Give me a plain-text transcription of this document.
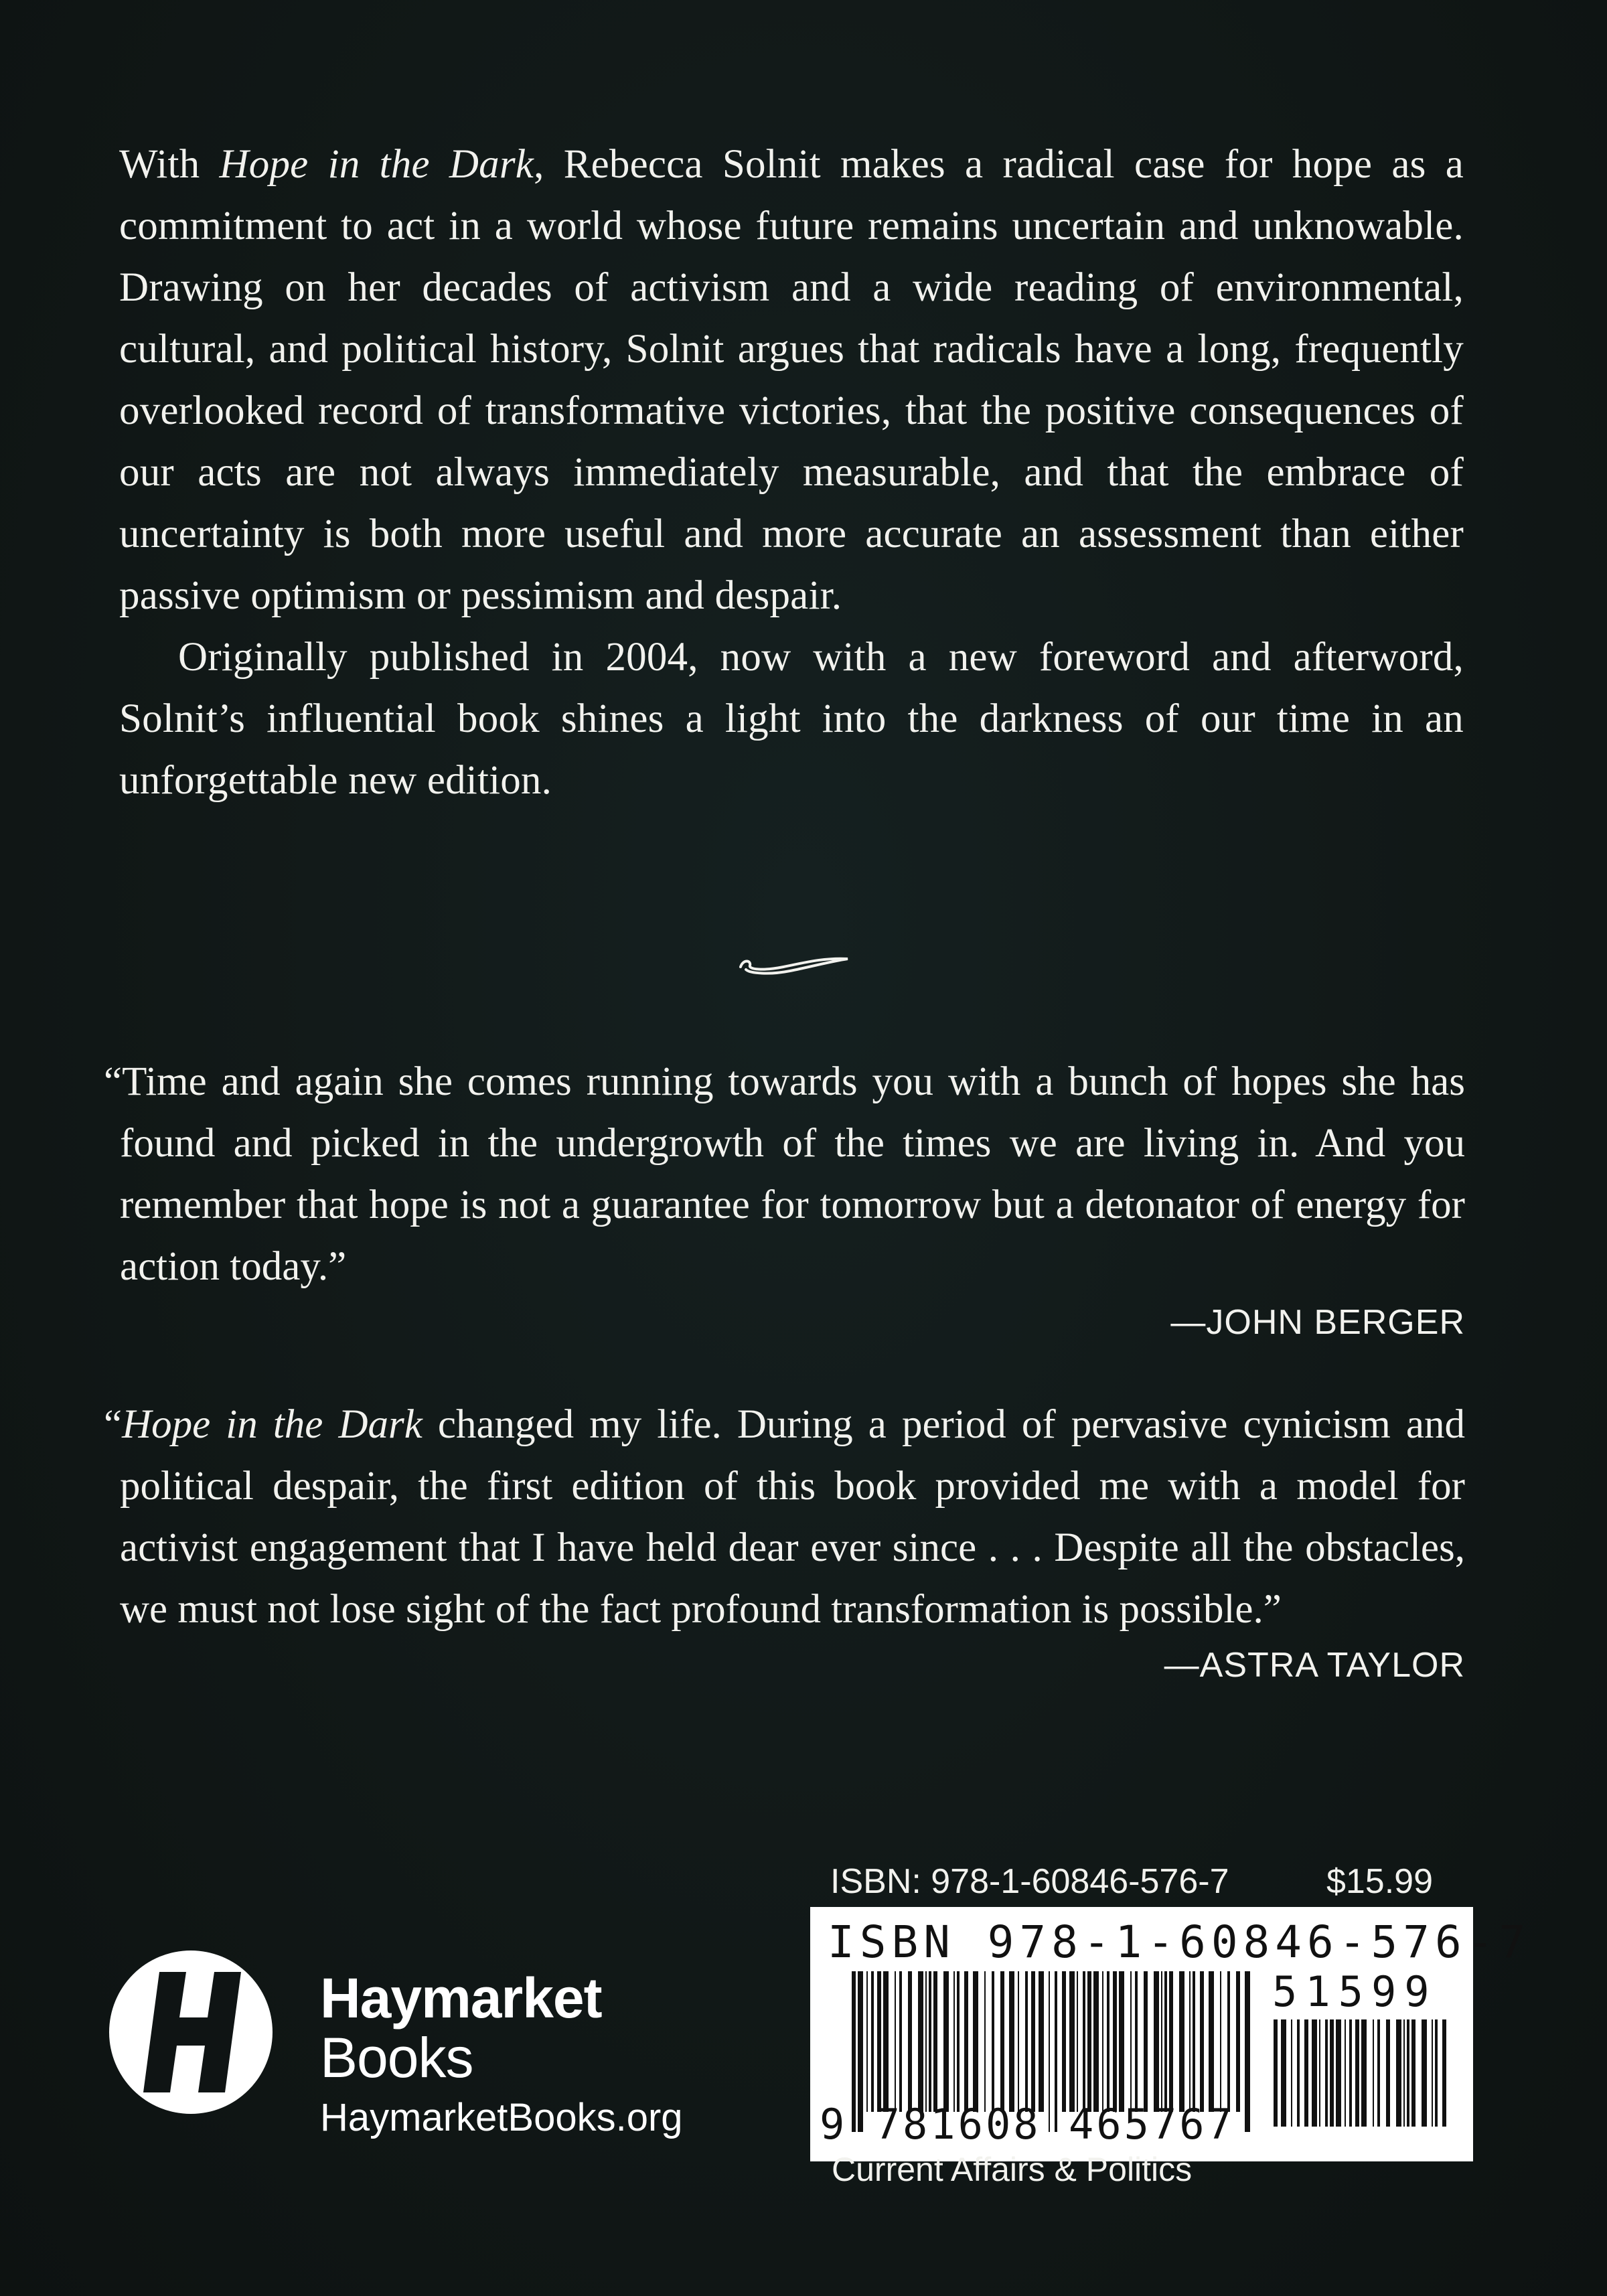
With Hope in the Dark, Rebecca Solnit makes a radical case for hope as a commitment to act in a world whose future remains uncertain and unknowable. Drawing on her decades of activism and a wide reading of environmental, cultural, and political history, Solnit argues that radicals have a long, frequently overlooked record of transformative victories, that the positive consequences of our acts are not always immediately measurable, and that the embrace of uncertainty is both more useful and more accurate an assessment than either passive optimism or pessimism and despair.

Originally published in 2004, now with a new foreword and afterword, Solnit’s influential book shines a light into the darkness of our time in an unforgettable new edition.

“Time and again she comes running towards you with a bunch of hopes she has found and picked in the undergrowth of the times we are living in. And you remember that hope is not a guarantee for tomorrow but a detonator of energy for action today.”

—JOHN BERGER

“Hope in the Dark changed my life. During a period of pervasive cynicism and political despair, the first edition of this book provided me with a model for activist engagement that I have held dear ever since . . . Despite all the obstacles, we must not lose sight of the fact profound transformation is possible.”

—ASTRA TAYLOR
Haymarket
Books
HaymarketBooks.org
ISBN: 978-1-60846-576-7	$15.99
ISBN 978-1-60846-576-7
51599
9 781608 465767
Current Affairs & Politics
